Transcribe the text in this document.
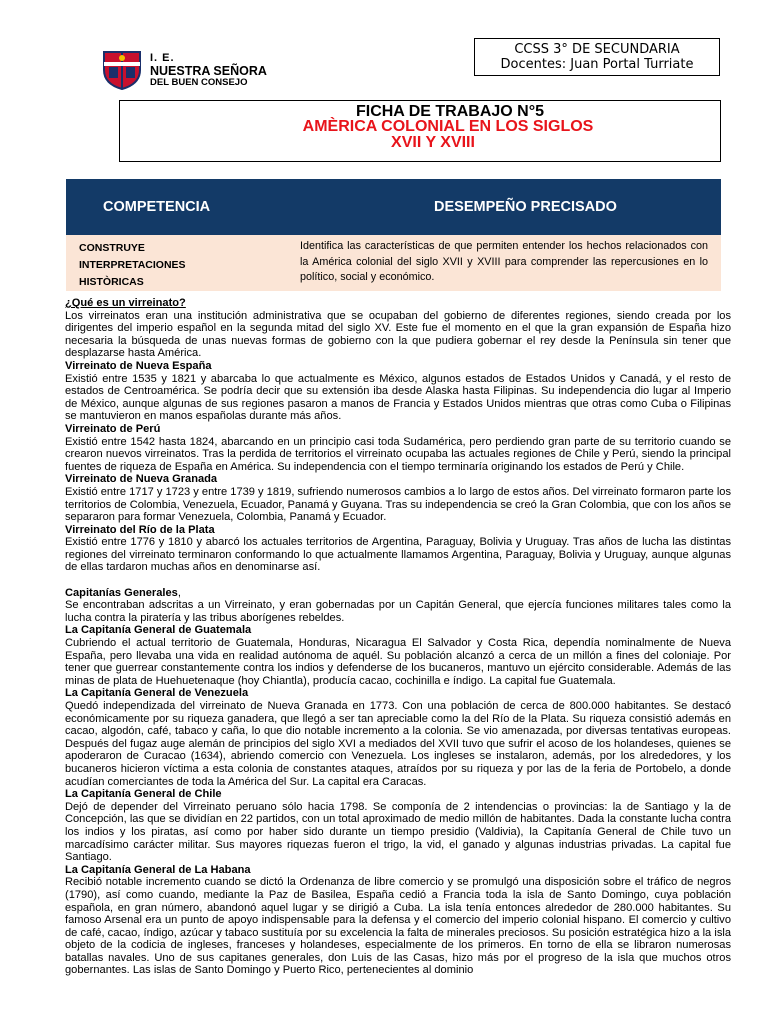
I. E.
NUESTRA SEÑORA
DEL BUEN CONSEJO
CCSS 3° DE SECUNDARIA
Docentes: Juan Portal Turriate
FICHA DE TRABAJO N°5
AMÈRICA COLONIAL EN LOS SIGLOS
XVII Y XVIII
COMPETENCIA	DESEMPEÑO PRECISADO
CONSTRUYE
INTERPRETACIONES
HISTÒRICAS
Identifica las características de que permiten entender los hechos relacionados con la América colonial del siglo XVII y XVIII para comprender las repercusiones en lo político, social y económico.
¿Qué es un virreinato?

Los virreinatos eran una institución administrativa que se ocupaban del gobierno de diferentes regiones, siendo creada por los dirigentes del imperio español en la segunda mitad del siglo XV. Este fue el momento en el que la gran expansión de España hizo necesaria la búsqueda de unas nuevas formas de gobierno con la que pudiera gobernar el rey desde la Península sin tener que desplazarse hasta América.

Virreinato de Nueva España

Existió entre 1535 y 1821 y abarcaba lo que actualmente es México, algunos estados de Estados Unidos y Canadá, y el resto de estados de Centroamérica. Se podría decir que su extensión iba desde Alaska hasta Filipinas. Su independencia dio lugar al Imperio de México, aunque algunas de sus regiones pasaron a manos de Francia y Estados Unidos mientras que otras como Cuba o Filipinas se mantuvieron en manos españolas durante más años.

Virreinato de Perú

Existió entre 1542 hasta 1824, abarcando en un principio casi toda Sudamérica, pero perdiendo gran parte de su territorio cuando se crearon nuevos virreinatos. Tras la perdida de territorios el virreinato ocupaba las actuales regiones de Chile y Perú, siendo la principal fuentes de riqueza de España en América. Su independencia con el tiempo terminaría originando los estados de Perú y Chile.

Virreinato de Nueva Granada

Existió entre 1717 y 1723 y entre 1739 y 1819, sufriendo numerosos cambios a lo largo de estos años. Del virreinato formaron parte los territorios de Colombia, Venezuela, Ecuador, Panamá y Guyana. Tras su independencia se creó la Gran Colombia, que con los años se separaron para formar Venezuela, Colombia, Panamá y Ecuador.

Virreinato del Río de la Plata

Existió entre 1776 y 1810 y abarcó los actuales territorios de Argentina, Paraguay, Bolivia y Uruguay. Tras años de lucha las distintas regiones del virreinato terminaron conformando lo que actualmente llamamos Argentina, Paraguay, Bolivia y Uruguay, aunque algunas de ellas tardaron muchas años en denominarse así.

Capitanías Generales,

Se encontraban adscritas a un Virreinato, y eran gobernadas por un Capitán General, que ejercía funciones militares tales como la lucha contra la piratería y las tribus aborígenes rebeldes.

La Capitanía General de Guatemala

Cubriendo el actual territorio de Guatemala, Honduras, Nicaragua El Salvador y Costa Rica, dependía nominalmente de Nueva España, pero llevaba una vida en realidad autónoma de aquél. Su población alcanzó a cerca de un millón a fines del coloniaje. Por tener que guerrear constantemente contra los indios y defenderse de los bucaneros, mantuvo un ejército considerable. Además de las minas de plata de Huehuetenaque (hoy Chiantla), producía cacao, cochinilla e índigo. La capital fue Guatemala.

La Capitanía General de Venezuela

Quedó independizada del virreinato de Nueva Granada en 1773. Con una población de cerca de 800.000 habitantes. Se destacó económicamente por su riqueza ganadera, que llegó a ser tan apreciable como la del Río de la Plata. Su riqueza consistió además en cacao, algodón, café, tabaco y caña, lo que dio notable incremento a la colonia. Se vio amenazada, por diversas tentativas europeas. Después del fugaz auge alemán de principios del siglo XVI a mediados del XVII tuvo que sufrir el acoso de los holandeses, quienes se apoderaron de Curacao (1634), abriendo comercio con Venezuela. Los ingleses se instalaron, además, por los alrededores, y los bucaneros hicieron víctima a esta colonia de constantes ataques, atraídos por su riqueza y por las de la feria de Portobelo, a donde acudían comerciantes de toda la América del Sur. La capital era Caracas.

La Capitanía General de Chile

Dejó de depender del Virreinato peruano sólo hacia 1798. Se componía de 2 intendencias o provincias: la de Santiago y la de Concepción, las que se dividían en 22 partidos, con un total aproximado de medio millón de habitantes. Dada la constante lucha contra los indios y los piratas, así como por haber sido durante un tiempo presidio (Valdivia), la Capitanía General de Chile tuvo un marcadísimo carácter militar. Sus mayores riquezas fueron el trigo, la vid, el ganado y algunas industrias privadas. La capital fue Santiago.

La Capitanía General de La Habana

Recibió notable incremento cuando se dictó la Ordenanza de libre comercio y se promulgó una disposición sobre el tráfico de negros (1790), así como cuando, mediante la Paz de Basilea, España cedió a Francia toda la isla de Santo Domingo, cuya población española, en gran número, abandonó aquel lugar y se dirigió a Cuba. La isla tenía entonces alrededor de 280.000 habitantes. Su famoso Arsenal era un punto de apoyo indispensable para la defensa y el comercio del imperio colonial hispano. El comercio y cultivo de café, cacao, índigo, azúcar y tabaco sustituía por su excelencia la falta de minerales preciosos. Su posición estratégica hizo a la isla objeto de la codicia de ingleses, franceses y holandeses, especialmente de los primeros. En torno de ella se libraron numerosas batallas navales. Uno de sus capitanes generales, don Luis de las Casas, hizo más por el progreso de la isla que muchos otros gobernantes. Las islas de Santo Domingo y Puerto Rico, pertenecientes al dominio
